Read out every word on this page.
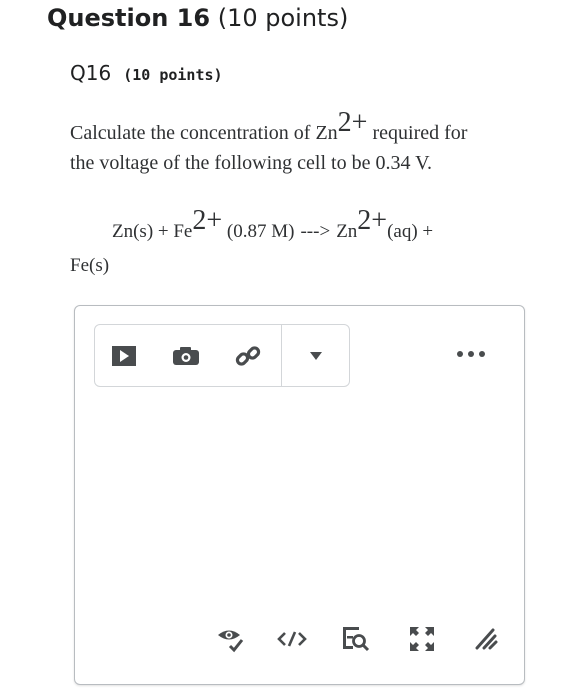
Question 16 (10 points)
Q16 (10 points)
Calculate the concentration of Zn2+ required for
the voltage of the following cell to be 0.34 V.
Zn(s) + Fe2+ (0.87 M) ---> Zn2+(aq) +
Fe(s)
